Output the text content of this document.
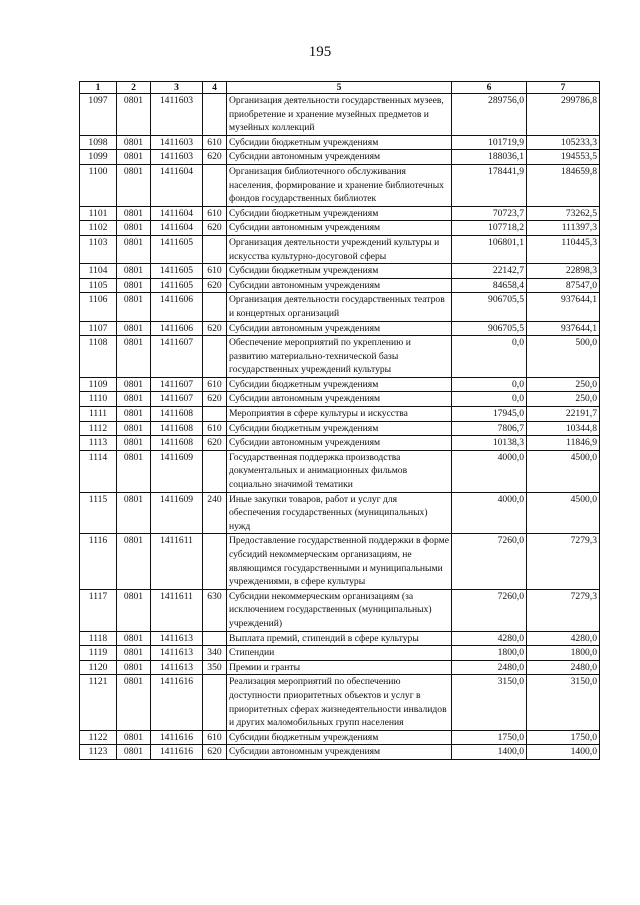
195
1	2	3	4	5	6	7
1097	0801	1411603		Организация деятельности государственных музеев, приобретение и хранение музейных предметов и музейных коллекций	289756,0	299786,8
1098	0801	1411603	610	Субсидии бюджетным учреждениям	101719,9	105233,3
1099	0801	1411603	620	Субсидии автономным учреждениям	188036,1	194553,5
1100	0801	1411604		Организация библиотечного обслуживания населения, формирование и хранение библиотечных фондов государственных библиотек	178441,9	184659,8
1101	0801	1411604	610	Субсидии бюджетным учреждениям	70723,7	73262,5
1102	0801	1411604	620	Субсидии автономным учреждениям	107718,2	111397,3
1103	0801	1411605		Организация деятельности учреждений культуры и искусства культурно-досуговой сферы	106801,1	110445,3
1104	0801	1411605	610	Субсидии бюджетным учреждениям	22142,7	22898,3
1105	0801	1411605	620	Субсидии автономным учреждениям	84658,4	87547,0
1106	0801	1411606		Организация деятельности государственных театров и концертных организаций	906705,5	937644,1
1107	0801	1411606	620	Субсидии автономным учреждениям	906705,5	937644,1
1108	0801	1411607		Обеспечение мероприятий по укреплению и развитию материально-технической базы государственных учреждений культуры	0,0	500,0
1109	0801	1411607	610	Субсидии бюджетным учреждениям	0,0	250,0
1110	0801	1411607	620	Субсидии автономным учреждениям	0,0	250,0
1111	0801	1411608		Мероприятия в сфере культуры и искусства	17945,0	22191,7
1112	0801	1411608	610	Субсидии бюджетным учреждениям	7806,7	10344,8
1113	0801	1411608	620	Субсидии автономным учреждениям	10138,3	11846,9
1114	0801	1411609		Государственная поддержка производства документальных и анимационных фильмов социально значимой тематики	4000,0	4500,0
1115	0801	1411609	240	Иные закупки товаров, работ и услуг для обеспечения государственных (муниципальных) нужд	4000,0	4500,0
1116	0801	1411611		Предоставление государственной поддержки в форме субсидий некоммерческим организациям, не являющимся государственными и муниципальными учреждениями, в сфере культуры	7260,0	7279,3
1117	0801	1411611	630	Субсидии некоммерческим организациям (за исключением государственных (муниципальных) учреждений)	7260,0	7279,3
1118	0801	1411613		Выплата премий, стипендий в сфере культуры	4280,0	4280,0
1119	0801	1411613	340	Стипендии	1800,0	1800,0
1120	0801	1411613	350	Премии и гранты	2480,0	2480,0
1121	0801	1411616		Реализация мероприятий по обеспечению доступности приоритетных объектов и услуг в приоритетных сферах жизнедеятельности инвалидов и других маломобильных групп населения	3150,0	3150,0
1122	0801	1411616	610	Субсидии бюджетным учреждениям	1750,0	1750,0
1123	0801	1411616	620	Субсидии автономным учреждениям	1400,0	1400,0
